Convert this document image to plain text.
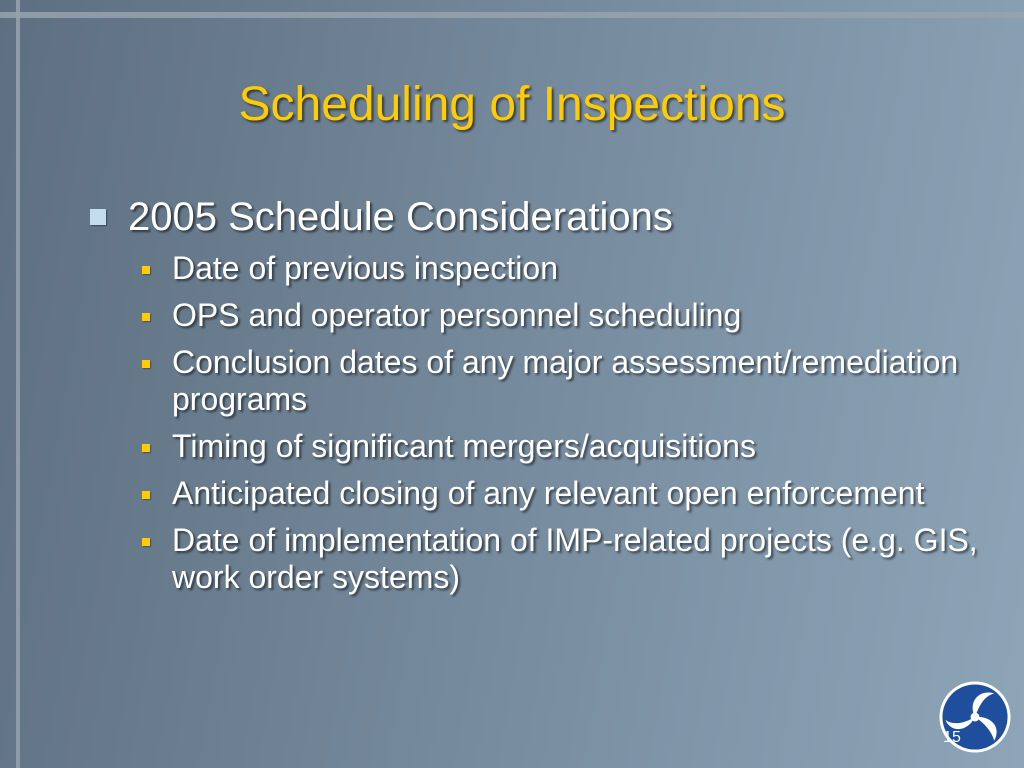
Scheduling of Inspections
2005 Schedule Considerations
Date of previous inspection
OPS and operator personnel scheduling
Conclusion dates of any major assessment/remediation programs
Timing of significant mergers/acquisitions
Anticipated closing of any relevant open enforcement
Date of implementation of IMP-related projects (e.g. GIS, work order systems)
15
